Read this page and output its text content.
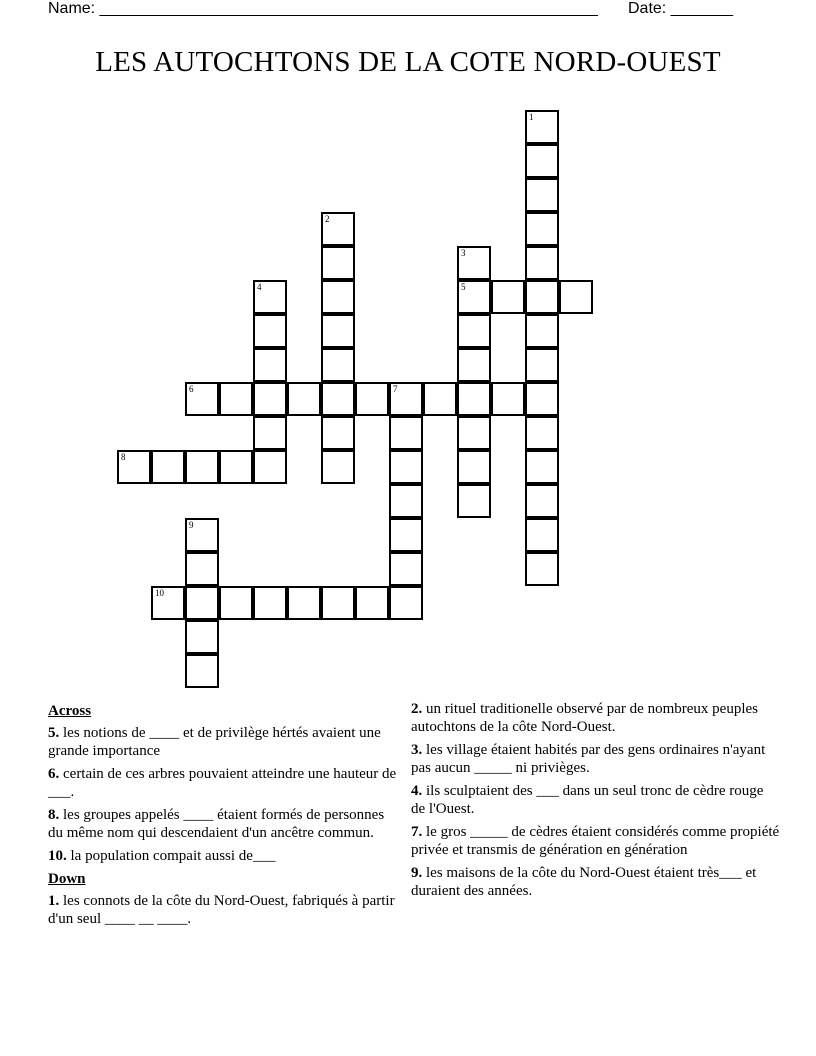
Name: ________________________________________________________ Date: _______
LES AUTOCHTONS DE LA COTE NORD-OUEST
1
2
3
5
4
6	7
8
9
10
Across
5. les notions de ____ et de privilège hértés avaient une grande importance
6. certain de ces arbres pouvaient atteindre une hauteur de ___.
8. les groupes appelés ____ étaient formés de personnes du même nom qui descendaient d'un ancêtre commun.
10. la population compait aussi de___
Down
1. les connots de la côte du Nord-Ouest, fabriqués à partir d'un seul ____ __ ____.
2. un rituel traditionelle observé par de nombreux peuples autochtons de la côte Nord-Ouest.
3. les village étaient habités par des gens ordinaires n'ayant pas aucun _____ ni privièges.
4. ils sculptaient des ___ dans un seul tronc de cèdre rouge de l'Ouest.
7. le gros _____ de cèdres étaient considérés comme propiété privée et transmis de génération en génération
9. les maisons de la côte du Nord-Ouest étaient très___ et duraient des années.
